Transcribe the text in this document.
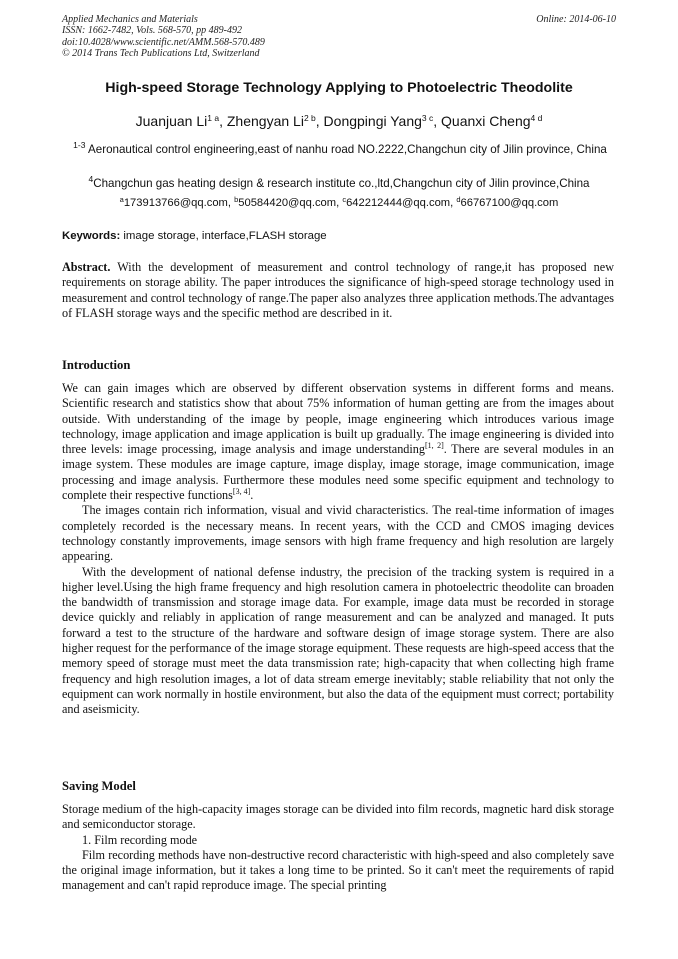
Applied Mechanics and Materials
ISSN: 1662-7482, Vols. 568-570, pp 489-492
doi:10.4028/www.scientific.net/AMM.568-570.489
© 2014 Trans Tech Publications Ltd, Switzerland
Online: 2014-06-10
High-speed Storage Technology Applying to Photoelectric Theodolite
Juanjuan $Li^{1 a}$, Zhengyan $Li^{2 b}$, Dongpingi Yang$^{3 c}$, Quanxi Cheng$^{4 d}$
$^{1-3}$ Aeronautical control engineering,east of nanhu road NO.2222,Changchun city of Jilin province, China
$^4$Changchun gas heating design & research institute co.,ltd,Changchun city of Jilin province,China
$^a$173913766@qq.com, $^b$50584420@qq.com, $^c$642212444@qq.com, $^d$66767100@qq.com
Keywords: image storage, interface,FLASH storage
Abstract. With the development of measurement and control technology of range,it has proposed new requirements on storage ability. The paper introduces the significance of high-speed storage technology used in measurement and control technology of range.The paper also analyzes three application methods.The advantages of FLASH storage ways and the specific method are described in it.
Introduction

We can gain images which are observed by different observation systems in different forms and means. Scientific research and statistics show that about 75% information of human getting are from the images about outside. With understanding of the image by people, image engineering which introduces various image technology, image application and image application is built up gradually. The image engineering is divided into three levels: image processing, image analysis and image understanding[1, 2]. There are several modules in an image system. These modules are image capture, image display, image storage, image communication, image processing and image analysis. Furthermore these modules need some specific equipment and technology to complete their respective functions[3, 4].

The images contain rich information, visual and vivid characteristics. The real-time information of images completely recorded is the necessary means. In recent years, with the CCD and CMOS imaging devices technology constantly improvements, image sensors with high frame frequency and high resolution are largely appearing.

With the development of national defense industry, the precision of the tracking system is required in a higher level.Using the high frame frequency and high resolution camera in photoelectric theodolite can broaden the bandwidth of transmission and storage image data. For example, image data must be recorded in storage device quickly and reliably in application of range measurement and can be analyzed and managed. It puts forward a test to the structure of the hardware and software design of image storage system. There are also higher request for the performance of the image storage equipment. These requests are high-speed access that the memory speed of storage must meet the data transmission rate; high-capacity that when collecting high frame frequency and high resolution images, a lot of data stream emerge inevitably; stable reliability that not only the equipment can work normally in hostile environment, but also the data of the equipment must correct; portability and aseismicity.

Saving Model

Storage medium of the high-capacity images storage can be divided into film records, magnetic hard disk storage and semiconductor storage.

1. Film recording mode

Film recording methods have non-destructive record characteristic with high-speed and also completely save the original image information, but it takes a long time to be printed. So it can't meet the requirements of rapid management and can't rapid reproduce image. The special printing
